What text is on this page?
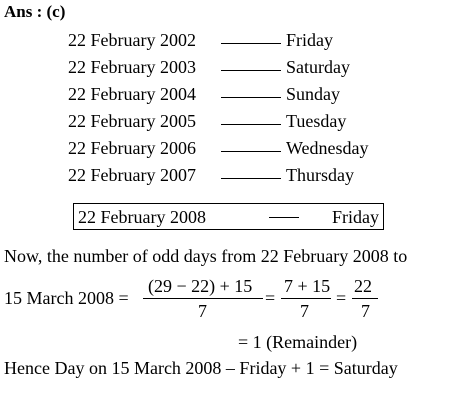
Ans : (c)
22 February 2002	Friday
22 February 2003	Saturday
22 February 2004	Sunday
22 February 2005	Tuesday
22 February 2006	Wednesday
22 February 2007	Thursday
22 February 2008	Friday
Now, the number of odd days from 22 February 2008 to
15 March 2008 =
(29 − 22) + 15
7
=
7 + 15
7
=
22
7
= 1 (Remainder)
Hence Day on 15 March 2008 – Friday + 1 = Saturday
